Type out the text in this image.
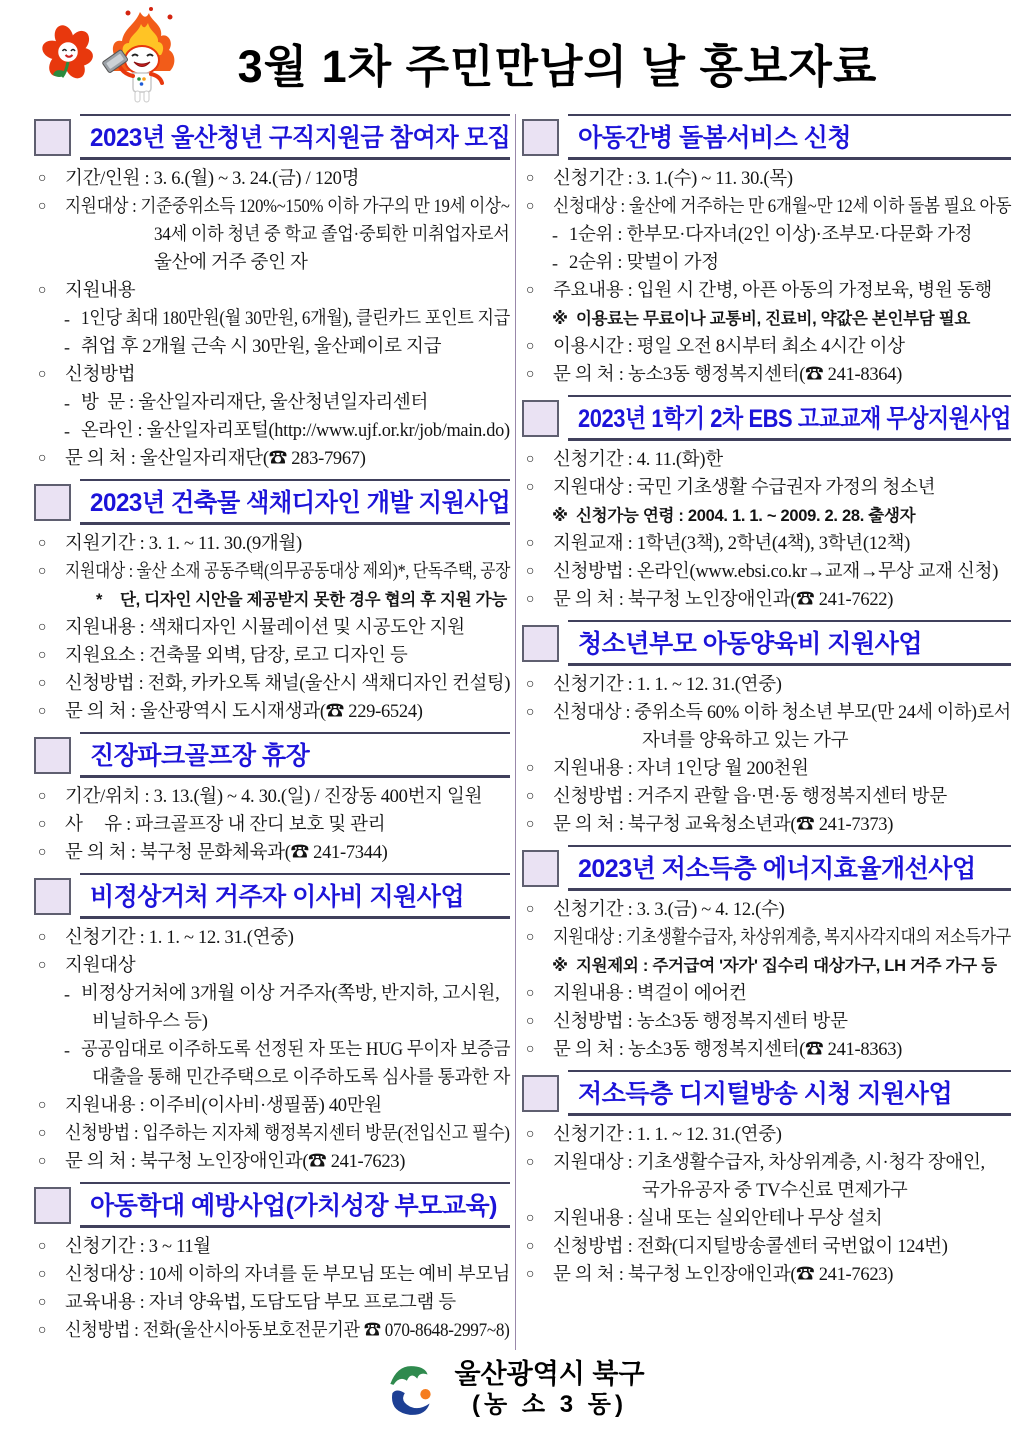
3월 1차 주민만남의 날 홍보자료
2023년 울산청년 구직지원금 참여자 모집
○	기간/인원 : 3. 6.(월) ~ 3. 24.(금) / 120명
○	지원대상 : 기준중위소득 120%~150% 이하 가구의 만 19세 이상~
34세 이하 청년 중 학교 졸업·중퇴한 미취업자로서
울산에 거주 중인 자
○	지원내용
- 1인당 최대 180만원(월 30만원, 6개월), 클린카드 포인트 지급
- 취업 후 2개월 근속 시 30만원, 울산페이로 지급
○	신청방법
- 방  문 : 울산일자리재단, 울산청년일자리센터
- 온라인 : 울산일자리포털(http://www.ujf.or.kr/job/main.do)
○	문 의 처 : 울산일자리재단(☎ 283-7967)
2023년 건축물 색채디자인 개발 지원사업
○	지원기간 : 3. 1. ~ 11. 30.(9개월)
○	지원대상 : 울산 소재 공동주택(의무공동대상 제외)*, 단독주택, 공장
*	단, 디자인 시안을 제공받지 못한 경우 협의 후 지원 가능
○	지원내용 : 색채디자인 시뮬레이션 및 시공도안 지원
○	지원요소 : 건축물 외벽, 담장, 로고 디자인 등
○	신청방법 : 전화, 카카오톡 채널(울산시 색채디자인 컨설팅)
○	문 의 처 : 울산광역시 도시재생과(☎ 229-6524)
진장파크골프장 휴장
○	기간/위치 : 3. 13.(월) ~ 4. 30.(일) / 진장동 400번지 일원
○	사     유 : 파크골프장 내 잔디 보호 및 관리
○	문 의 처 : 북구청 문화체육과(☎ 241-7344)
비정상거처 거주자 이사비 지원사업
○	신청기간 : 1. 1. ~ 12. 31.(연중)
○	지원대상
- 비정상거처에 3개월 이상 거주자(쪽방, 반지하, 고시원,
비닐하우스 등)
- 공공임대로 이주하도록 선정된 자 또는 HUG 무이자 보증금
대출을 통해 민간주택으로 이주하도록 심사를 통과한 자
○	지원내용 : 이주비(이사비·생필품) 40만원
○	신청방법 : 입주하는 지자체 행정복지센터 방문(전입신고 필수)
○	문 의 처 : 북구청 노인장애인과(☎ 241-7623)
아동학대 예방사업(가치성장 부모교육)
○	신청기간 : 3 ~ 11월
○	신청대상 : 10세 이하의 자녀를 둔 부모님 또는 예비 부모님
○	교육내용 : 자녀 양육법, 도담도담 부모 프로그램 등
○	신청방법 : 전화(울산시아동보호전문기관 ☎ 070-8648-2997~8)
아동간병 돌봄서비스 신청
○	신청기간 : 3. 1.(수) ~ 11. 30.(목)
○	신청대상 : 울산에 거주하는 만 6개월~만 12세 이하 돌봄 필요 아동
- 1순위 : 한부모·다자녀(2인 이상)·조부모·다문화 가정
- 2순위 : 맞벌이 가정
○	주요내용 : 입원 시 간병, 아픈 아동의 가정보육, 병원 동행
※ 이용료는 무료이나 교통비, 진료비, 약값은 본인부담 필요
○	이용시간 : 평일 오전 8시부터 최소 4시간 이상
○	문 의 처 : 농소3동 행정복지센터(☎ 241-8364)
2023년 1학기 2차 EBS 고교교재 무상지원사업
○	신청기간 : 4. 11.(화)한
○	지원대상 : 국민 기초생활 수급권자 가정의 청소년
※ 신청가능 연령 : 2004. 1. 1. ~ 2009. 2. 28. 출생자
○	지원교재 : 1학년(3책), 2학년(4책), 3학년(12책)
○	신청방법 : 온라인(www.ebsi.co.kr→교재→무상 교재 신청)
○	문 의 처 : 북구청 노인장애인과(☎ 241-7622)
청소년부모 아동양육비 지원사업
○	신청기간 : 1. 1. ~ 12. 31.(연중)
○	신청대상 : 중위소득 60% 이하 청소년 부모(만 24세 이하)로서
자녀를 양육하고 있는 가구
○	지원내용 : 자녀 1인당 월 200천원
○	신청방법 : 거주지 관할 읍·면·동 행정복지센터 방문
○	문 의 처 : 북구청 교육청소년과(☎ 241-7373)
2023년 저소득층 에너지효율개선사업
○	신청기간 : 3. 3.(금) ~ 4. 12.(수)
○	지원대상 : 기초생활수급자, 차상위계층, 복지사각지대의 저소득가구
※ 지원제외 : 주거급여 '자가' 집수리 대상가구, LH 거주 가구 등
○	지원내용 : 벽걸이 에어컨
○	신청방법 : 농소3동 행정복지센터 방문
○	문 의 처 : 농소3동 행정복지센터(☎ 241-8363)
저소득층 디지털방송 시청 지원사업
○	신청기간 : 1. 1. ~ 12. 31.(연중)
○	지원대상 : 기초생활수급자, 차상위계층, 시·청각 장애인,
국가유공자 중 TV수신료 면제가구
○	지원내용 : 실내 또는 실외안테나 무상 설치
○	신청방법 : 전화(디지털방송콜센터 국번없이 124번)
○	문 의 처 : 북구청 노인장애인과(☎ 241-7623)
울산광역시 북구
(농 소 3 동)
